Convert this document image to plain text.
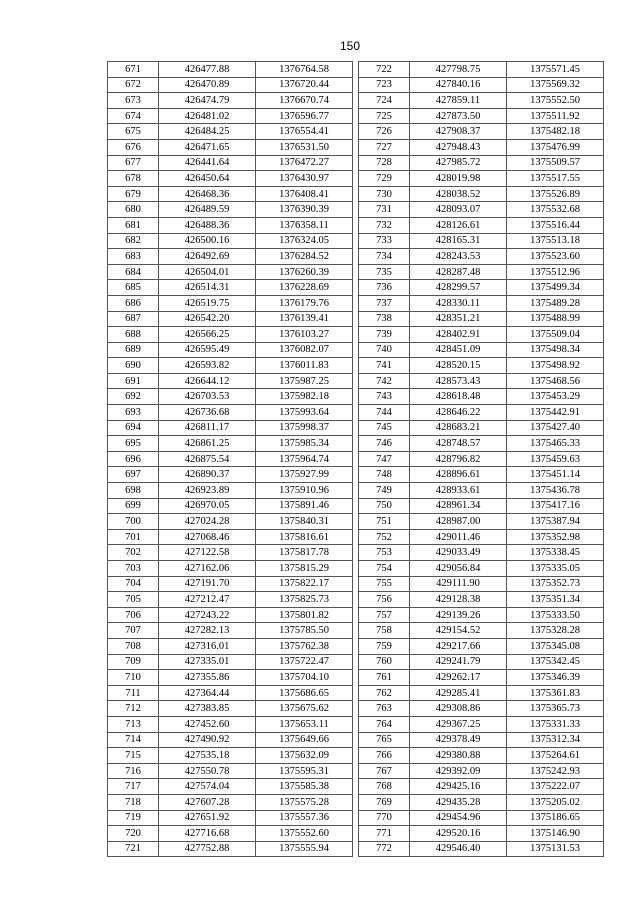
150
671	426477.88	1376764.58
672	426470.89	1376720.44
673	426474.79	1376670.74
674	426481.02	1376596.77
675	426484.25	1376554.41
676	426471.65	1376531.50
677	426441.64	1376472.27
678	426450.64	1376430.97
679	426468.36	1376408.41
680	426489.59	1376390.39
681	426488.36	1376358.11
682	426500.16	1376324.05
683	426492.69	1376284.52
684	426504.01	1376260.39
685	426514.31	1376228.69
686	426519.75	1376179.76
687	426542.20	1376139.41
688	426566.25	1376103.27
689	426595.49	1376082.07
690	426593.82	1376011.83
691	426644.12	1375987.25
692	426703.53	1375982.18
693	426736.68	1375993.64
694	426811.17	1375998.37
695	426861.25	1375985.34
696	426875.54	1375964.74
697	426890.37	1375927.99
698	426923.89	1375910.96
699	426970.05	1375891.46
700	427024.28	1375840.31
701	427068.46	1375816.61
702	427122.58	1375817.78
703	427162.06	1375815.29
704	427191.70	1375822.17
705	427212.47	1375825.73
706	427243.22	1375801.82
707	427282.13	1375785.50
708	427316.01	1375762.38
709	427335.01	1375722.47
710	427355.86	1375704.10
711	427364.44	1375686.65
712	427383.85	1375675.62
713	427452.60	1375653.11
714	427490.92	1375649.66
715	427535.18	1375632.09
716	427550.78	1375595.31
717	427574.04	1375585.38
718	427607.28	1375575.28
719	427651.92	1375557.36
720	427716.68	1375552.60
721	427752.88	1375555.94
722	427798.75	1375571.45
723	427840.16	1375569.32
724	427859.11	1375552.50
725	427873.50	1375511.92
726	427908.37	1375482.18
727	427948.43	1375476.99
728	427985.72	1375509.57
729	428019.98	1375517.55
730	428038.52	1375526.89
731	428093.07	1375532.68
732	428126.61	1375516.44
733	428165.31	1375513.18
734	428243.53	1375523.60
735	428287.48	1375512.96
736	428299.57	1375499.34
737	428330.11	1375489.28
738	428351.21	1375488.99
739	428402.91	1375509.04
740	428451.09	1375498.34
741	428520.15	1375498.92
742	428573.43	1375468.56
743	428618.48	1375453.29
744	428646.22	1375442.91
745	428683.21	1375427.40
746	428748.57	1375465.33
747	428796.82	1375459.63
748	428896.61	1375451.14
749	428933.61	1375436.78
750	428961.34	1375417.16
751	428987.00	1375387.94
752	429011.46	1375352.98
753	429033.49	1375338.45
754	429056.84	1375335.05
755	429111.90	1375352.73
756	429128.38	1375351.34
757	429139.26	1375333.50
758	429154.52	1375328.28
759	429217.66	1375345.08
760	429241.79	1375342.45
761	429262.17	1375346.39
762	429285.41	1375361.83
763	429308.86	1375365.73
764	429367.25	1375331.33
765	429378.49	1375312.34
766	429380.88	1375264.61
767	429392.09	1375242.93
768	429425.16	1375222.07
769	429435.28	1375205.02
770	429454.96	1375186.65
771	429520.16	1375146.90
772	429546.40	1375131.53
